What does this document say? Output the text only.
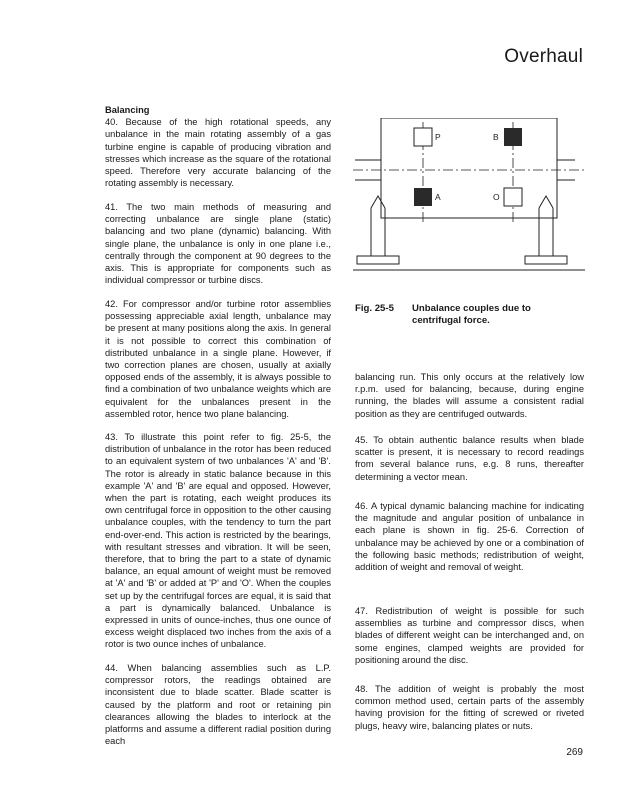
Overhaul

Balancing

40. Because of the high rotational speeds, any unbalance in the main rotating assembly of a gas turbine engine is capable of producing vibration and stresses which increase as the square of the rotational speed. Therefore very accurate balancing of the rotating assembly is necessary.

41. The two main methods of measuring and correcting unbalance are single plane (static) balancing and two plane (dynamic) balancing. With single plane, the unbalance is only in one plane i.e., centrally through the component at 90 degrees to the axis. This is appropriate for components such as individual compressor or turbine discs.

42. For compressor and/or turbine rotor assemblies possessing appreciable axial length, unbalance may be present at many positions along the axis. In general it is not possible to correct this combination of distributed unbalance in a single plane. However, if two correction planes are chosen, usually at axially opposed ends of the assembly, it is always possible to find a combination of two unbalance weights which are equivalent for the unbalances present in the assembled rotor, hence two plane balancing.

43. To illustrate this point refer to fig. 25-5, the distribution of unbalance in the rotor has been reduced to an equivalent system of two unbalances 'A' and 'B'. The rotor is already in static balance because in this example 'A' and 'B' are equal and opposed. However, when the part is rotating, each weight produces its own centrifugal force in opposition to the other causing unbalance couples, with the tendency to turn the part end-over-end. This action is restricted by the bearings, with resultant stresses and vibration. It will be seen, therefore, that to bring the part to a state of dynamic balance, an equal amount of weight must be removed at 'A' and 'B' or added at 'P' and 'O'. When the couples set up by the centrifugal forces are equal, it is said that a part is dynamically balanced. Unbalance is expressed in units of ounce-inches, thus one ounce of excess weight displaced two inches from the axis of a rotor is two ounce inches of unbalance.

44. When balancing assemblies such as L.P. compressor rotors, the readings obtained are inconsistent due to blade scatter. Blade scatter is caused by the platform and root or retaining pin clearances allowing the blades to interlock at the platforms and assume a different radial position during each

P	B
A	O
Fig. 25-5 Unbalance couples due to centrifugal force.

balancing run. This only occurs at the relatively low r.p.m. used for balancing, because, during engine running, the blades will assume a consistent radial position as they are centrifuged outwards.

45. To obtain authentic balance results when blade scatter is present, it is necessary to record readings from several balance runs, e.g. 8 runs, thereafter determining a vector mean.

46. A typical dynamic balancing machine for indicating the magnitude and angular position of unbalance in each plane is shown in fig. 25-6. Correction of unbalance may be achieved by one or a combination of the following basic methods; redistribution of weight, addition of weight and removal of weight.

47. Redistribution of weight is possible for such assemblies as turbine and compressor discs, when blades of different weight can be interchanged and, on some engines, clamped weights are provided for positioning around the disc.

48. The addition of weight is probably the most common method used, certain parts of the assembly having provision for the fitting of screwed or riveted plugs, heavy wire, balancing plates or nuts.

269
